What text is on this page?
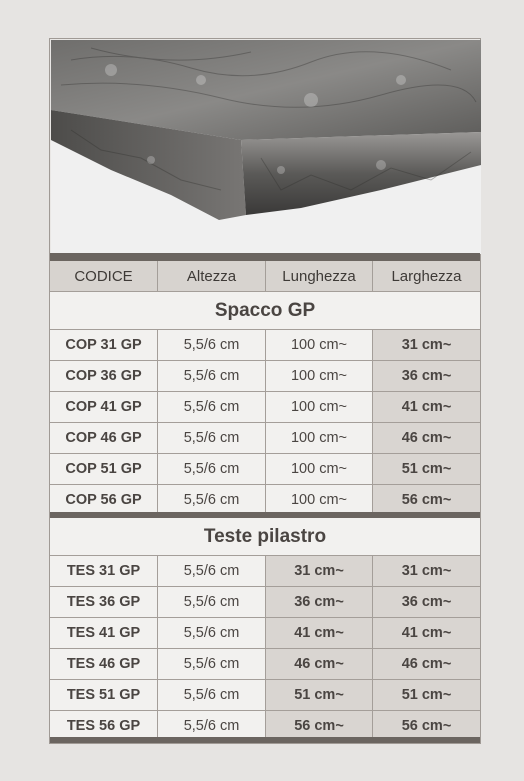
CODICE	Altezza	Lunghezza	Larghezza
Spacco GP
COP 31 GP	5,5/6 cm	100 cm~	31 cm~
COP 36 GP	5,5/6 cm	100 cm~	36 cm~
COP 41 GP	5,5/6 cm	100 cm~	41 cm~
COP 46 GP	5,5/6 cm	100 cm~	46 cm~
COP 51 GP	5,5/6 cm	100 cm~	51 cm~
COP 56 GP	5,5/6 cm	100 cm~	56 cm~
Teste pilastro
TES 31 GP	5,5/6 cm	31 cm~	31 cm~
TES 36 GP	5,5/6 cm	36 cm~	36 cm~
TES 41 GP	5,5/6 cm	41 cm~	41 cm~
TES 46 GP	5,5/6 cm	46 cm~	46 cm~
TES 51 GP	5,5/6 cm	51 cm~	51 cm~
TES 56 GP	5,5/6 cm	56 cm~	56 cm~
